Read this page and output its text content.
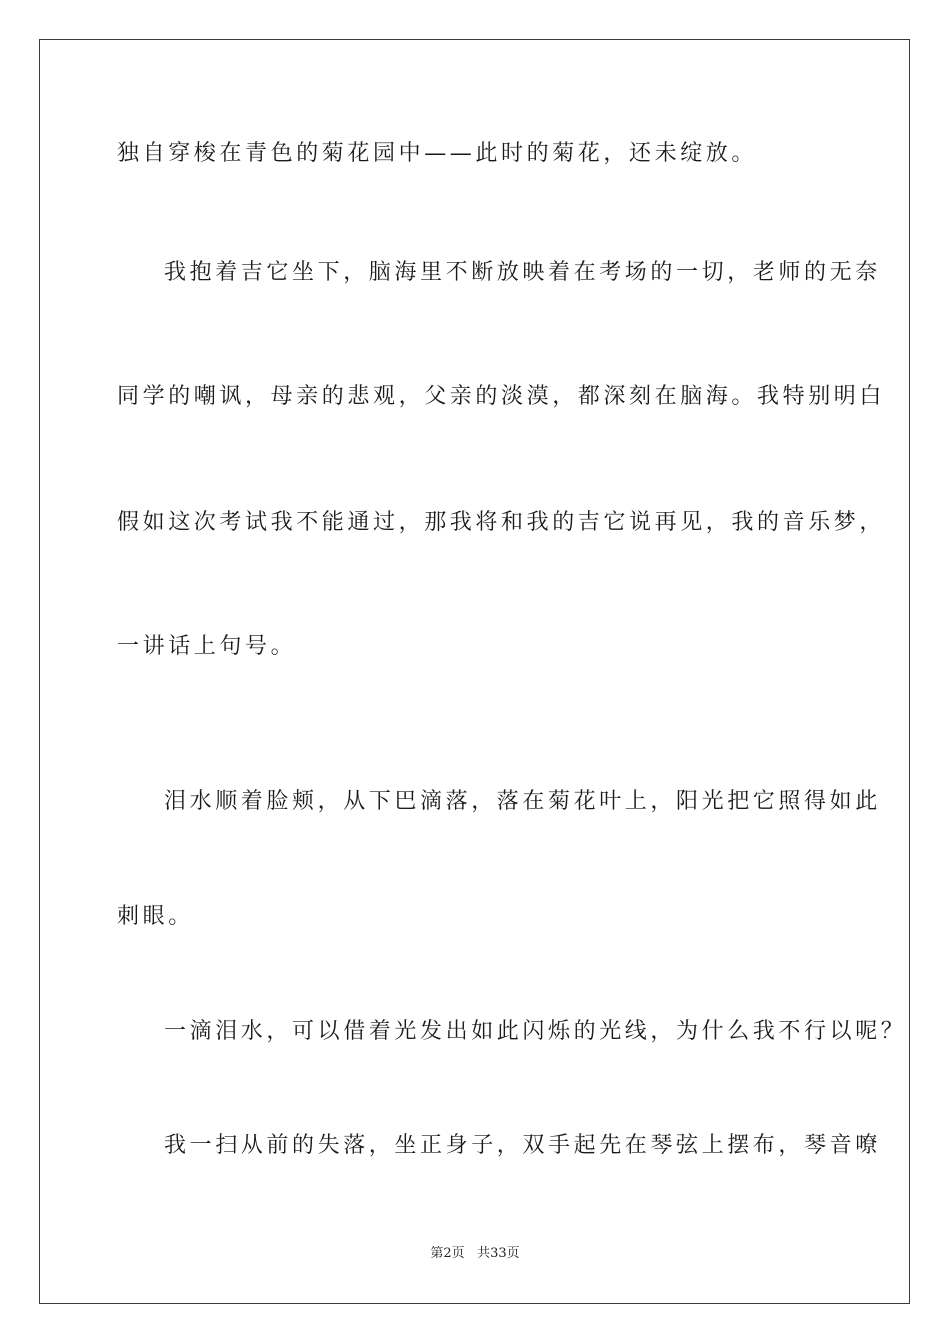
独自穿梭在青色的菊花园中——此时的菊花，还未绽放。
我抱着吉它坐下，脑海里不断放映着在考场的一切，老师的无奈
同学的嘲讽，母亲的悲观，父亲的淡漠，都深刻在脑海。我特别明白
假如这次考试我不能通过，那我将和我的吉它说再见，我的音乐梦，
一讲话上句号。
泪水顺着脸颊，从下巴滴落，落在菊花叶上，阳光把它照得如此
刺眼。
一滴泪水，可以借着光发出如此闪烁的光线，为什么我不行以呢？
我一扫从前的失落，坐正身子，双手起先在琴弦上摆布，琴音嘹
第2页 共33页
